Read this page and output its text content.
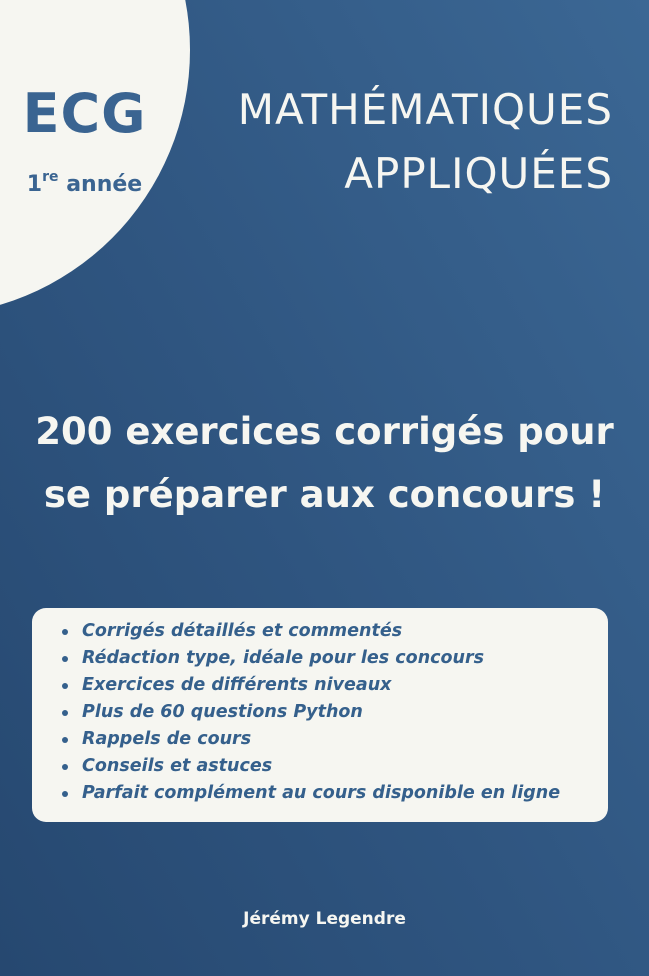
ECG
1re année
MATHÉMATIQUES
APPLIQUÉES
200 exercices corrigés pour
se préparer aux concours !
Corrigés détaillés et commentés
Rédaction type, idéale pour les concours
Exercices de différents niveaux
Plus de 60 questions Python
Rappels de cours
Conseils et astuces
Parfait complément au cours disponible en ligne
Jérémy Legendre
